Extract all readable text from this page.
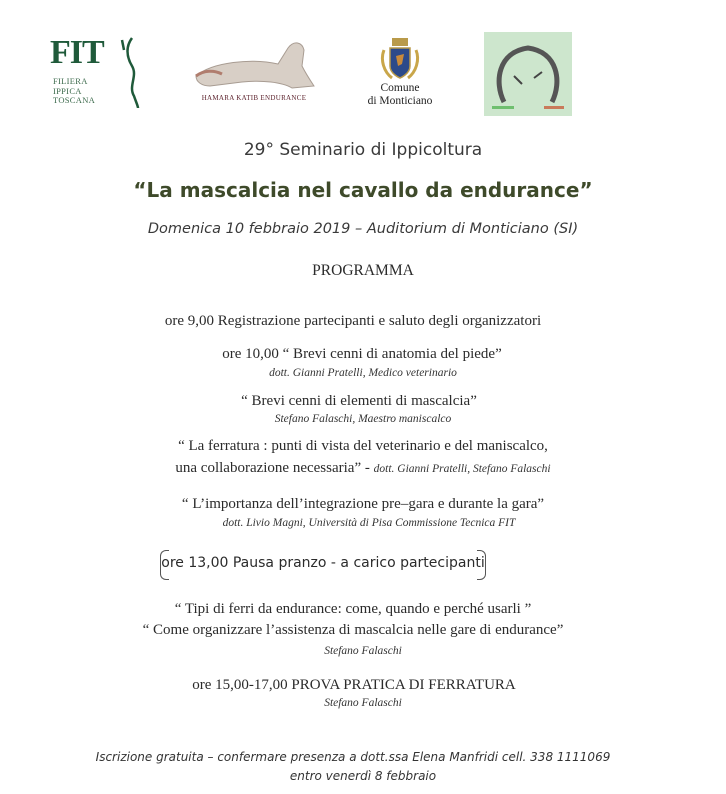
FIT
FILIERA
IPPICA
TOSCANA	HAMARA KATIB ENDURANCE
Comune
di Monticiano
29° Seminario di Ippicoltura
“La mascalcia nel cavallo da endurance”
Domenica 10 febbraio 2019 – Auditorium di Monticiano (SI)
PROGRAMMA
ore 9,00 Registrazione partecipanti e saluto degli organizzatori
ore 10,00 “ Brevi cenni di anatomia del piede”
dott. Gianni Pratelli, Medico veterinario
“ Brevi cenni di elementi di mascalcia”
Stefano Falaschi, Maestro maniscalco
“ La ferratura : punti di vista del veterinario e del maniscalco,
una collaborazione necessaria” - dott. Gianni Pratelli, Stefano Falaschi
“ L’importanza dell’integrazione pre–gara e durante la gara”
dott. Livio Magni, Università di Pisa Commissione Tecnica FIT
ore 13,00 Pausa pranzo - a carico partecipanti
“ Tipi di ferri da endurance: come, quando e perché usarli ”
“ Come organizzare l’assistenza di mascalcia nelle gare di endurance”
Stefano Falaschi
ore 15,00-17,00 PROVA PRATICA DI FERRATURA
Stefano Falaschi
Iscrizione gratuita – confermare presenza a dott.ssa Elena Manfridi cell. 338 1111069
entro venerdì 8 febbraio
